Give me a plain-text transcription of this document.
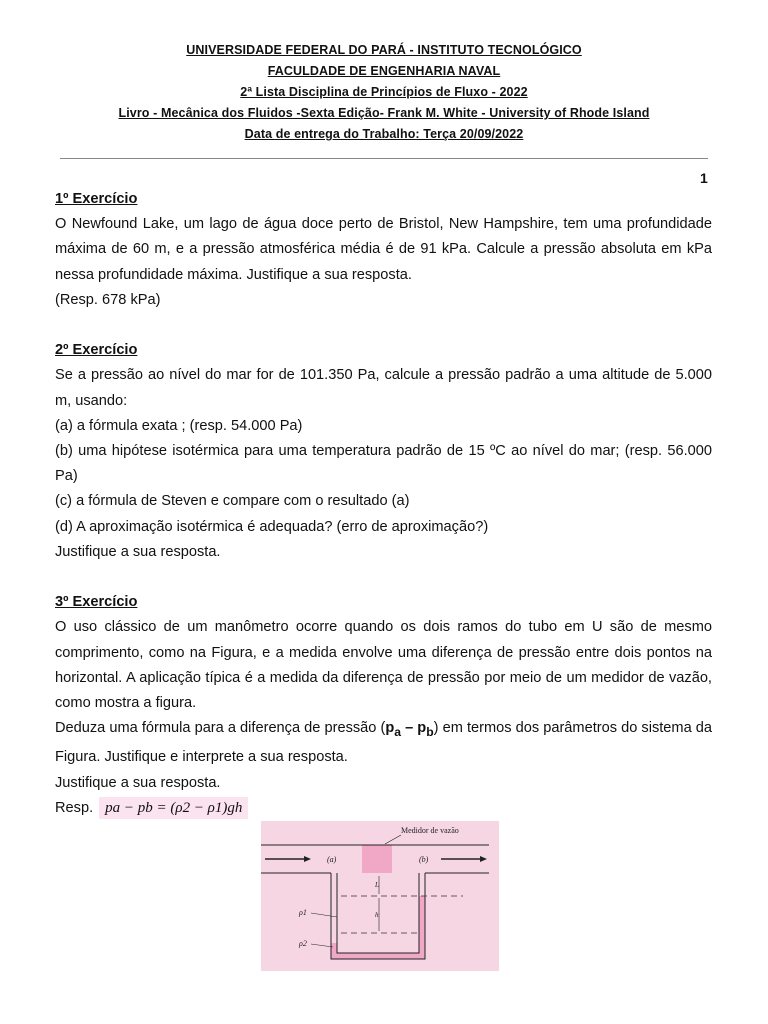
UNIVERSIDADE FEDERAL DO PARÁ - INSTITUTO TECNOLÓGICO
FACULDADE DE ENGENHARIA NAVAL
2ª Lista Disciplina de Princípios de Fluxo - 2022
Livro - Mecânica dos Fluidos -Sexta Edição- Frank M. White - University of Rhode Island
Data de entrega do Trabalho: Terça 20/09/2022
1

1º Exercício

O Newfound Lake, um lago de água doce perto de Bristol, New Hampshire, tem uma profundidade máxima de 60 m, e a pressão atmosférica média é de 91 kPa. Calcule a pressão absoluta em kPa nessa profundidade máxima. Justifique a sua resposta.

(Resp. 678 kPa)

2º Exercício

Se a pressão ao nível do mar for de 101.350 Pa, calcule a pressão padrão a uma altitude de 5.000 m, usando:

(a) a fórmula exata ; (resp. 54.000 Pa)

(b) uma hipótese isotérmica para uma temperatura padrão de 15 ºC ao nível do mar; (resp. 56.000 Pa)

(c) a fórmula de Steven e compare com o resultado (a)

(d) A aproximação isotérmica é adequada? (erro de aproximação?)

Justifique a sua resposta.

3º Exercício

O uso clássico de um manômetro ocorre quando os dois ramos do tubo em U são de mesmo comprimento, como na Figura, e a medida envolve uma diferença de pressão entre dois pontos na horizontal. A aplicação típica é a medida da diferença de pressão por meio de um medidor de vazão, como mostra a figura.

Deduza uma fórmula para a diferença de pressão $(p_a - p_b)$ em termos dos parâmetros do sistema da Figura. Justifique e interprete a sua resposta.

Justifique a sua resposta.

Resp. pa − pb = (ρ2 − ρ1)gh
Medidor de vazão
(a)	(b)
L
h
ρ1
ρ2
